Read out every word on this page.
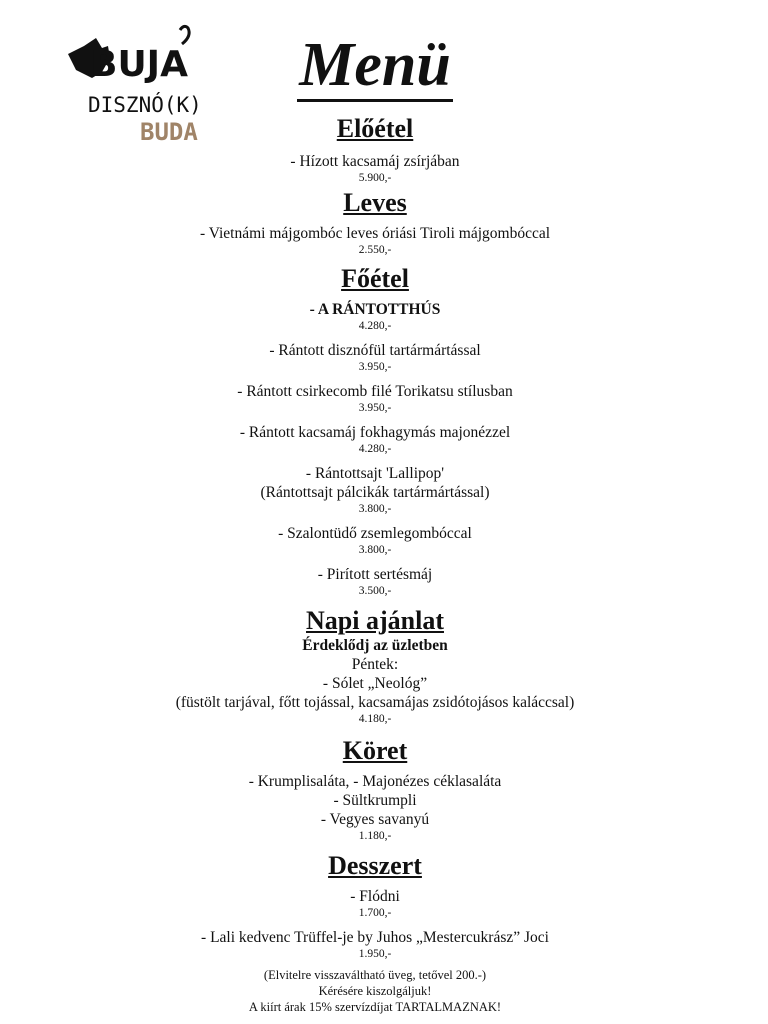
BUJA
DISZNÓ(K)
BUDA
Menü
Előétel
- Hízott kacsamáj zsírjában
5.900,-
Leves
- Vietnámi májgombóc leves óriási Tiroli májgombóccal
2.550,-
Főétel
- A RÁNTOTTHÚS
4.280,-
- Rántott disznófül tartármártással
3.950,-
- Rántott csirkecomb filé Torikatsu stílusban
3.950,-
- Rántott kacsamáj fokhagymás majonézzel
4.280,-
- Rántottsajt 'Lallipop'
(Rántottsajt pálcikák tartármártással)
3.800,-
- Szalontüdő zsemlegombóccal
3.800,-
- Pirított sertésmáj
3.500,-
Napi ajánlat
Érdeklődj az üzletben
Péntek:
- Sólet „Neológ”
(füstölt tarjával, főtt tojással, kacsamájas zsidótojásos kaláccsal)
4.180,-
Köret
- Krumplisaláta, - Majonézes céklasaláta
- Sültkrumpli
- Vegyes savanyú
1.180,-
Desszert
- Flódni
1.700,-
- Lali kedvenc Trüffel-je by Juhos „Mestercukrász” Joci
1.950,-
(Elvitelre visszaváltható üveg, tetővel 200.-)
Kérésére kiszolgáljuk!
A kiírt árak 15% szervízdíjat TARTALMAZNAK!
